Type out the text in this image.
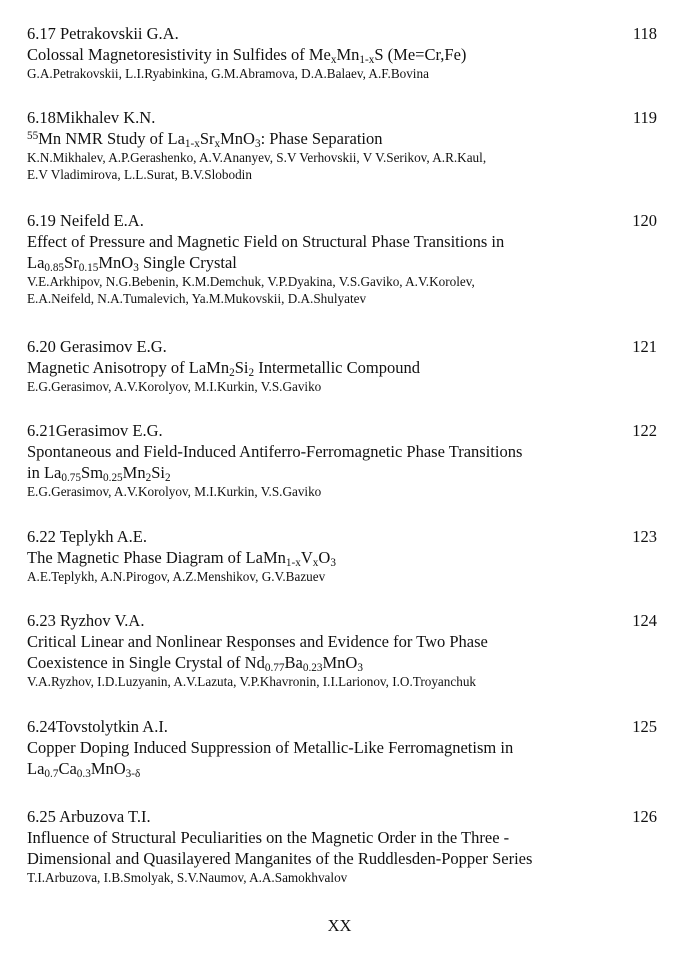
6.17 Petrakovskii G.A.	118
Colossal Magnetoresistivity in Sulfides of $Me_xMn_{1-x}S$ (Me=Cr,Fe)
G.A.Petrakovskii, L.I.Ryabinkina, G.M.Abramova, D.A.Balaev, A.F.Bovina
6.18Mikhalev K.N.	119
$^{55}$Mn NMR Study of $La_{1-x}Sr_xMnO_3$: Phase Separation
K.N.Mikhalev, A.P.Gerashenko, A.V.Ananyev, S.V Verhovskii, V V.Serikov, A.R.Kaul,
E.V Vladimirova, L.L.Surat, B.V.Slobodin
6.19 Neifeld E.A.	120
Effect of Pressure and Magnetic Field on Structural Phase Transitions in
$La_{0.85}Sr_{0.15}MnO_3$ Single Crystal
V.E.Arkhipov, N.G.Bebenin, K.M.Demchuk, V.P.Dyakina, V.S.Gaviko, A.V.Korolev,
E.A.Neifeld, N.A.Tumalevich, Ya.M.Mukovskii, D.A.Shulyatev
6.20 Gerasimov E.G.	121
Magnetic Anisotropy of $LaMn_2Si_2$ Intermetallic Compound
E.G.Gerasimov, A.V.Korolyov, M.I.Kurkin, V.S.Gaviko
6.21Gerasimov E.G.	122
Spontaneous and Field-Induced Antiferro-Ferromagnetic Phase Transitions
in $La_{0.75}Sm_{0.25}Mn_2Si_2$
E.G.Gerasimov, A.V.Korolyov, M.I.Kurkin, V.S.Gaviko
6.22 Teplykh A.E.	123
The Magnetic Phase Diagram of $LaMn_{1-x}V_xO_3$
A.E.Teplykh, A.N.Pirogov, A.Z.Menshikov, G.V.Bazuev
6.23 Ryzhov V.A.	124
Critical Linear and Nonlinear Responses and Evidence for Two Phase
Coexistence in Single Crystal of $Nd_{0.77}Ba_{0.23}MnO_3$
V.A.Ryzhov, I.D.Luzyanin, A.V.Lazuta, V.P.Khavronin, I.I.Larionov, I.O.Troyanchuk
6.24Tovstolytkin A.I.	125
Copper Doping Induced Suppression of Metallic-Like Ferromagnetism in
$La_{0.7}Ca_{0.3}MnO_{3-\delta}$
6.25 Arbuzova T.I.	126
Influence of Structural Peculiarities on the Magnetic Order in the Three -
Dimensional and Quasilayered Manganites of the Ruddlesden-Popper Series
T.I.Arbuzova, I.B.Smolyak, S.V.Naumov, A.A.Samokhvalov
XX
